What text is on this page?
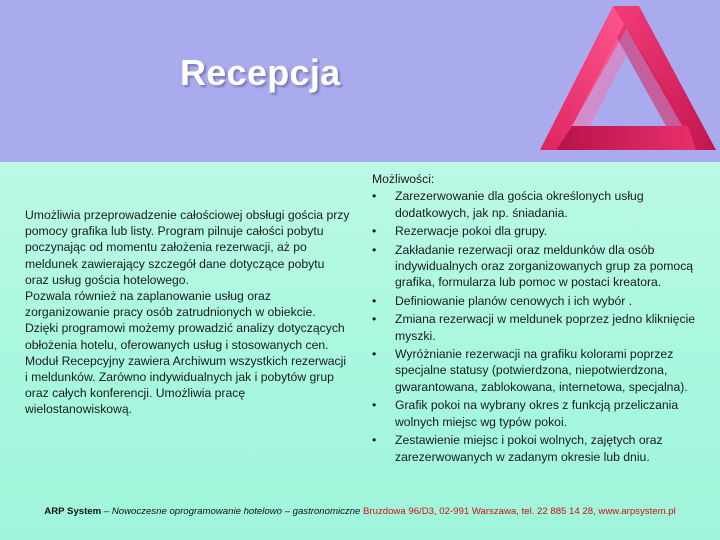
Recepcja

Umożliwia przeprowadzenie całościowej obsługi gościa przy pomocy grafika lub listy. Program pilnuje całości pobytu poczynając od momentu założenia rezerwacji, aż po meldunek zawierający szczegół dane dotyczące pobytu oraz usług gościa hotelowego.

Pozwala również na zaplanowanie usług oraz zorganizowanie pracy osób zatrudnionych w obiekcie. Dzięki programowi możemy prowadzić analizy dotyczących obłożenia hotelu, oferowanych usług i stosowanych cen.

Moduł Recepcyjny zawiera Archiwum wszystkich rezerwacji i meldunków. Zarówno indywidualnych jak i pobytów grup oraz całych konferencji. Umożliwia pracę wielostanowiskową.

Możliwości:
• Zarezerwowanie dla gościa określonych usług dodatkowych, jak np. śniadania.
• Rezerwacje pokoi dla grupy.
• Zakładanie rezerwacji oraz meldunków dla osób indywidualnych oraz zorganizowanych grup za pomocą grafika, formularza lub pomoc w postaci kreatora.
• Definiowanie planów cenowych i ich wybór .
• Zmiana rezerwacji w meldunek poprzez jedno kliknięcie myszki.
• Wyróżnianie rezerwacji na grafiku kolorami poprzez specjalne statusy (potwierdzona, niepotwierdzona, gwarantowana, zablokowana, internetowa, specjalna).
• Grafik pokoi na wybrany okres z funkcją przeliczania wolnych miejsc wg typów pokoi.
• Zestawienie miejsc i pokoi wolnych, zajętych oraz zarezerwowanych w zadanym okresie lub dniu.
ARP System – Nowoczesne oprogramowanie hotelowo – gastronomiczne Bruzdowa 96/D3, 02-991 Warszawa, tel. 22 885 14 28, www.arpsystem.pl
